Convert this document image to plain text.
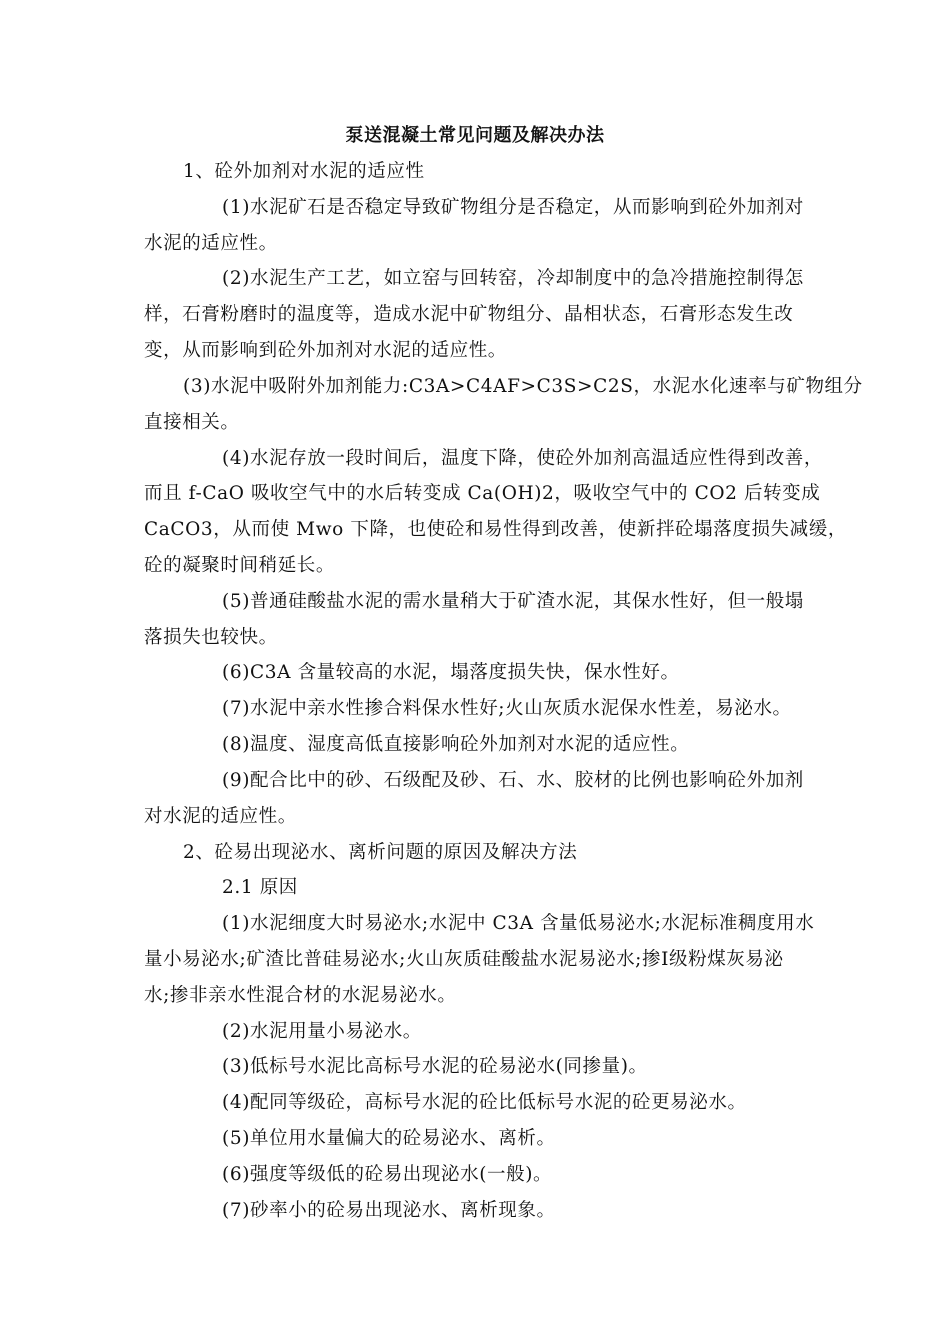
泵送混凝土常见问题及解决办法
1、砼外加剂对水泥的适应性
(1)水泥矿石是否稳定导致矿物组分是否稳定，从而影响到砼外加剂对
水泥的适应性。
(2)水泥生产工艺，如立窑与回转窑，冷却制度中的急冷措施控制得怎
样，石膏粉磨时的温度等，造成水泥中矿物组分、晶相状态，石膏形态发生改
变，从而影响到砼外加剂对水泥的适应性。
(3)水泥中吸附外加剂能力:C3A>C4AF>C3S>C2S，水泥水化速率与矿物组分
直接相关。
(4)水泥存放一段时间后，温度下降，使砼外加剂高温适应性得到改善，
而且 f-CaO 吸收空气中的水后转变成 Ca(OH)2，吸收空气中的 CO2 后转变成
CaCO3，从而使 Mwo 下降，也使砼和易性得到改善，使新拌砼塌落度损失减缓，
砼的凝聚时间稍延长。
(5)普通硅酸盐水泥的需水量稍大于矿渣水泥，其保水性好，但一般塌
落损失也较快。
(6)C3A 含量较高的水泥，塌落度损失快，保水性好。
(7)水泥中亲水性掺合料保水性好;火山灰质水泥保水性差，易泌水。
(8)温度、湿度高低直接影响砼外加剂对水泥的适应性。
(9)配合比中的砂、石级配及砂、石、水、胶材的比例也影响砼外加剂
对水泥的适应性。
2、砼易出现泌水、离析问题的原因及解决方法
2.1 原因
(1)水泥细度大时易泌水;水泥中 C3A 含量低易泌水;水泥标准稠度用水
量小易泌水;矿渣比普硅易泌水;火山灰质硅酸盐水泥易泌水;掺Ⅰ级粉煤灰易泌
水;掺非亲水性混合材的水泥易泌水。
(2)水泥用量小易泌水。
(3)低标号水泥比高标号水泥的砼易泌水(同掺量)。
(4)配同等级砼，高标号水泥的砼比低标号水泥的砼更易泌水。
(5)单位用水量偏大的砼易泌水、离析。
(6)强度等级低的砼易出现泌水(一般)。
(7)砂率小的砼易出现泌水、离析现象。
